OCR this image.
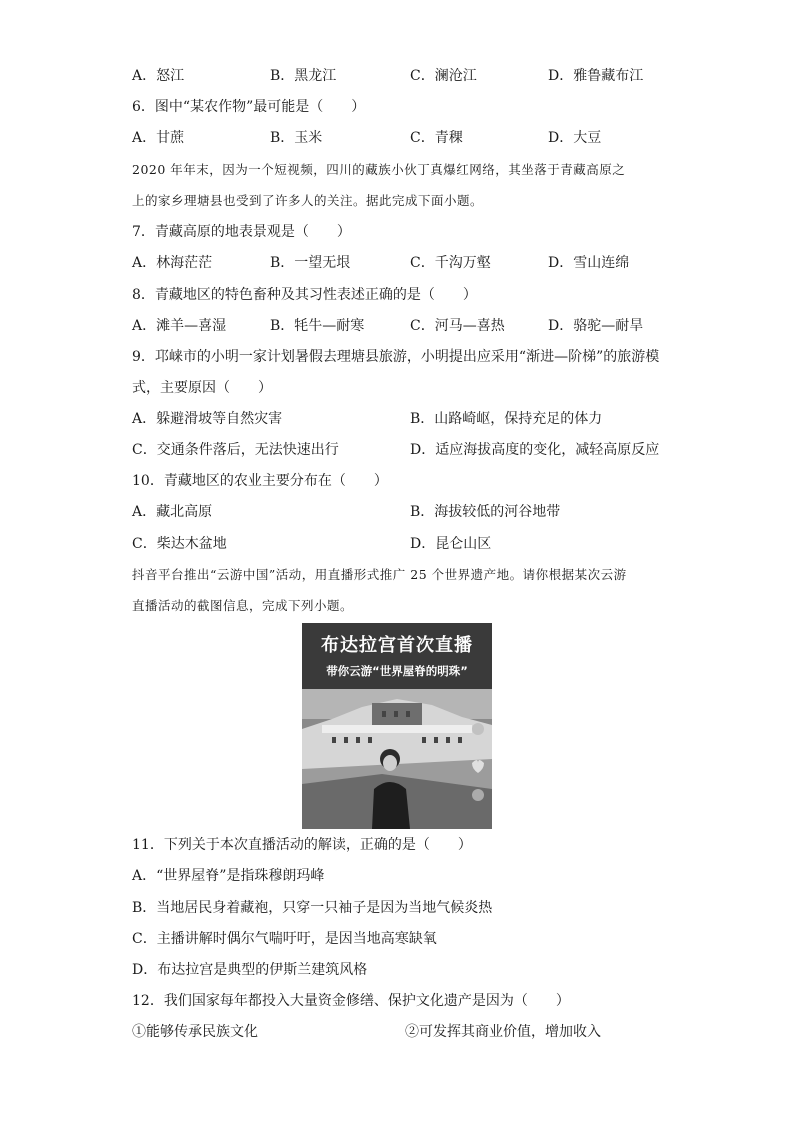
A．怒江	B．黑龙江	C．澜沧江	D．雅鲁藏布江
6．图中“某农作物”最可能是（　　）
A．甘蔗	B．玉米	C．青稞	D．大豆
2020 年年末，因为一个短视频，四川的藏族小伙丁真爆红网络，其坐落于青藏高原之
上的家乡理塘县也受到了许多人的关注。据此完成下面小题。
7．青藏高原的地表景观是（　　）
A．林海茫茫	B．一望无垠	C．千沟万壑	D．雪山连绵
8．青藏地区的特色畜种及其习性表述正确的是（　　）
A．滩羊—喜湿	B．牦牛—耐寒	C．河马—喜热	D．骆驼—耐旱
9．邛崃市的小明一家计划暑假去理塘县旅游，小明提出应采用“渐进—阶梯”的旅游模
式，主要原因（　　）
A．躲避滑坡等自然灾害	B．山路崎岖，保持充足的体力
C．交通条件落后，无法快速出行	D．适应海拔高度的变化，减轻高原反应
10．青藏地区的农业主要分布在（　　）
A．藏北高原	B．海拔较低的河谷地带
C．柴达木盆地	D．昆仑山区
抖音平台推出“云游中国”活动，用直播形式推广 25 个世界遗产地。请你根据某次云游
直播活动的截图信息，完成下列小题。
布达拉宫首次直播
带你云游“世界屋脊的明珠”
11．下列关于本次直播活动的解读，正确的是（　　）
A．“世界屋脊”是指珠穆朗玛峰
B．当地居民身着藏袍，只穿一只袖子是因为当地气候炎热
C．主播讲解时偶尔气喘吁吁，是因当地高寒缺氧
D．布达拉宫是典型的伊斯兰建筑风格
12．我们国家每年都投入大量资金修缮、保护文化遗产是因为（　　）
①能够传承民族文化	②可发挥其商业价值，增加收入
